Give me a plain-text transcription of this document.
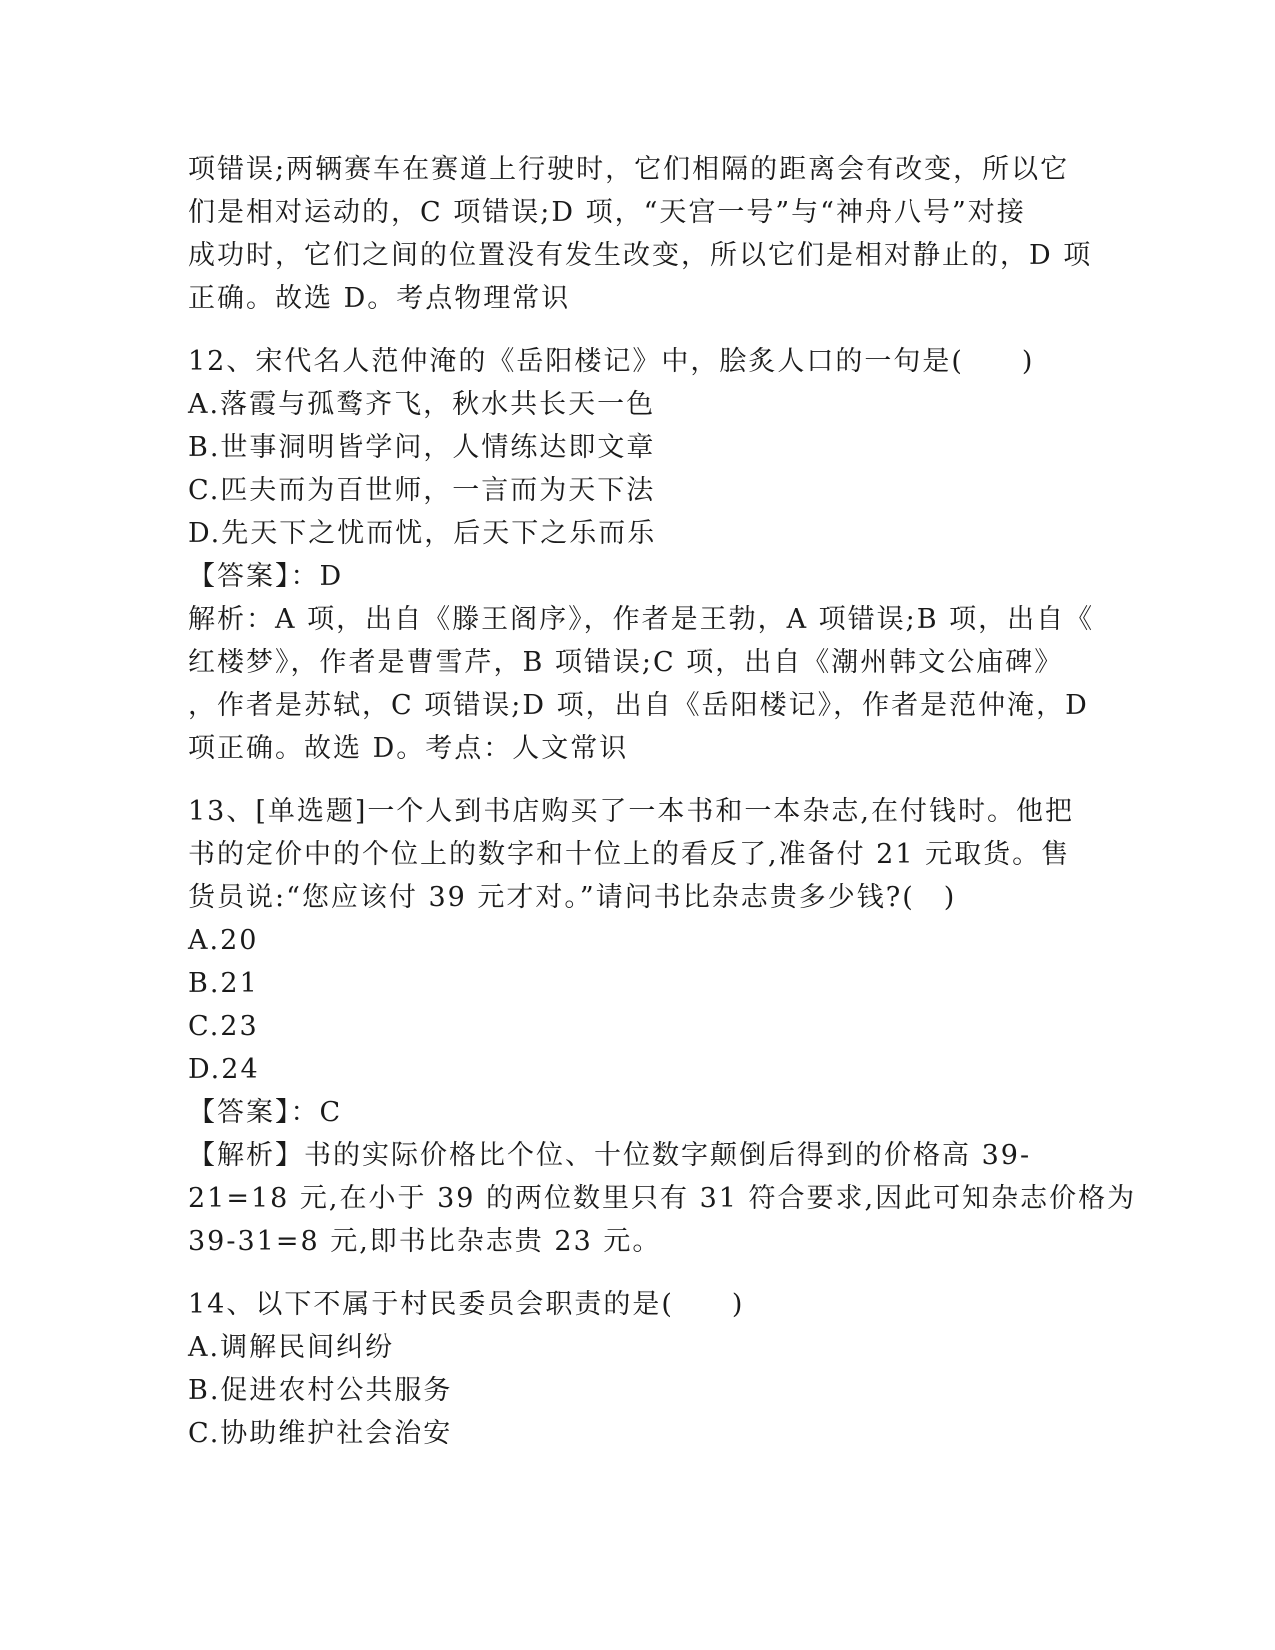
项错误;两辆赛车在赛道上行驶时，它们相隔的距离会有改变，所以它
们是相对运动的，C 项错误;D 项，“天宫一号”与“神舟八号”对接
成功时，它们之间的位置没有发生改变，所以它们是相对静止的，D 项
正确。故选 D。考点物理常识
12、宋代名人范仲淹的《岳阳楼记》中，脍炙人口的一句是(　　)
A.落霞与孤鹜齐飞，秋水共长天一色
B.世事洞明皆学问，人情练达即文章
C.匹夫而为百世师，一言而为天下法
D.先天下之忧而忧，后天下之乐而乐
【答案】：D
解析：A 项，出自《滕王阁序》，作者是王勃，A 项错误;B 项，出自《
红楼梦》，作者是曹雪芹，B 项错误;C 项，出自《潮州韩文公庙碑》
，作者是苏轼，C 项错误;D 项，出自《岳阳楼记》，作者是范仲淹，D
项正确。故选 D。考点：人文常识
13、[单选题]一个人到书店购买了一本书和一本杂志,在付钱时。他把
书的定价中的个位上的数字和十位上的看反了,准备付 21 元取货。售
货员说:“您应该付 39 元才对。”请问书比杂志贵多少钱?(　)
A.20
B.21
C.23
D.24
【答案】：C
【解析】书的实际价格比个位、十位数字颠倒后得到的价格高 39-
21=18 元,在小于 39 的两位数里只有 31 符合要求,因此可知杂志价格为
39-31=8 元,即书比杂志贵 23 元。
14、以下不属于村民委员会职责的是(　　)
A.调解民间纠纷
B.促进农村公共服务
C.协助维护社会治安
